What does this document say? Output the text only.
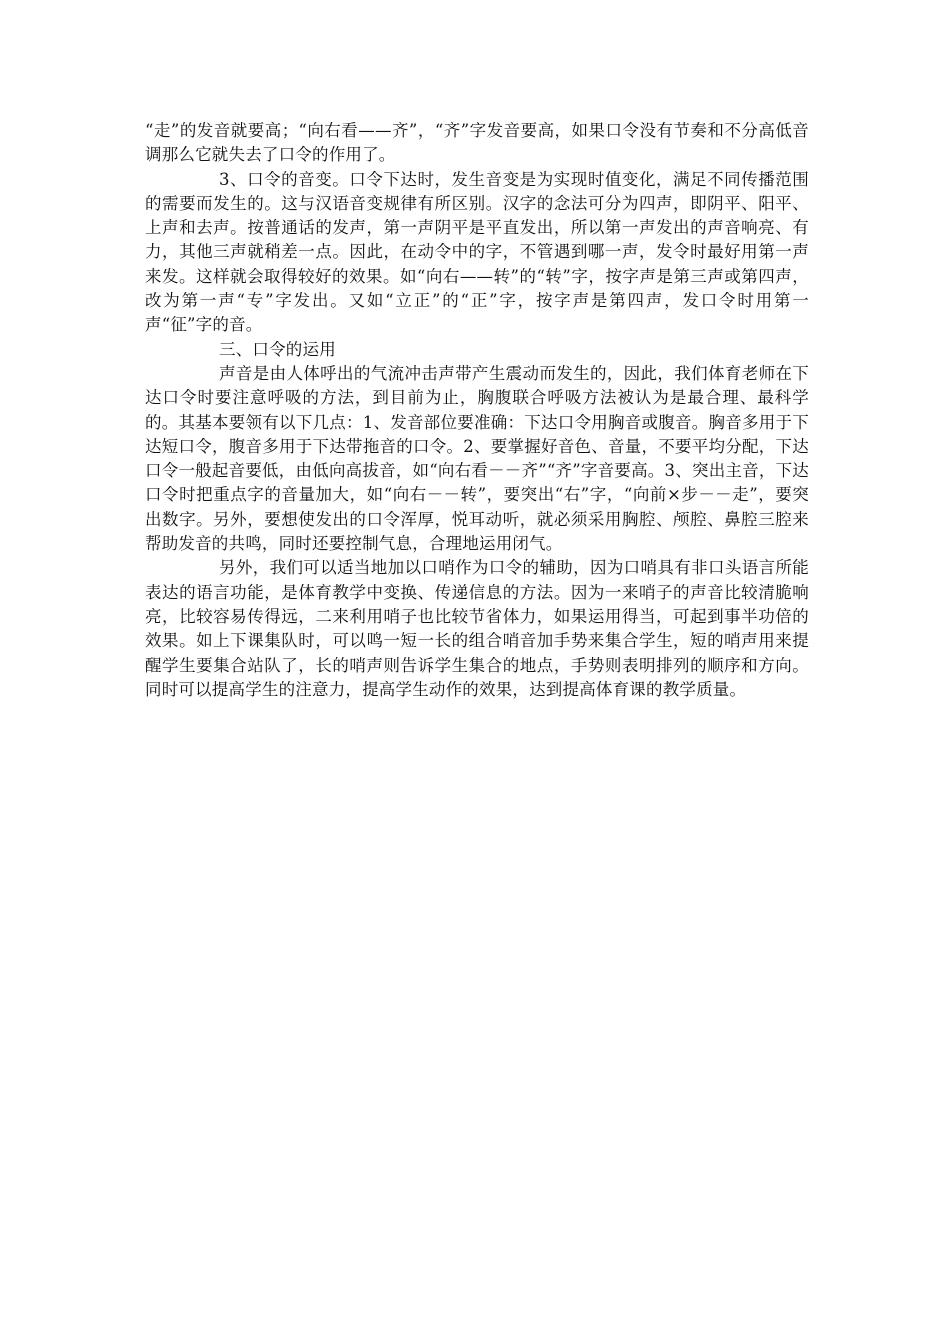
“走”的发音就要高；“向右看——齐”，“齐”字发音要高，如果口令没有节奏和不分高低音调那么它就失去了口令的作用了。

3、口令的音变。口令下达时，发生音变是为实现时值变化，满足不同传播范围的需要而发生的。这与汉语音变规律有所区别。汉字的念法可分为四声，即阴平、阳平、上声和去声。按普通话的发声，第一声阴平是平直发出，所以第一声发出的声音响亮、有力，其他三声就稍差一点。因此，在动令中的字，不管遇到哪一声，发令时最好用第一声来发。这样就会取得较好的效果。如“向右——转”的“转”字，按字声是第三声或第四声，改为第一声“专”字发出。又如“立正”的“正”字，按字声是第四声，发口令时用第一声“征”字的音。

三、口令的运用

声音是由人体呼出的气流冲击声带产生震动而发生的，因此，我们体育老师在下达口令时要注意呼吸的方法，到目前为止，胸腹联合呼吸方法被认为是最合理、最科学的。其基本要领有以下几点：1、发音部位要准确：下达口令用胸音或腹音。胸音多用于下达短口令，腹音多用于下达带拖音的口令。2、要掌握好音色、音量，不要平均分配，下达口令一般起音要低，由低向高拔音，如“向右看－－齐”“齐”字音要高。3、突出主音，下达口令时把重点字的音量加大，如“向右－－转”，要突出“右”字，“向前×步－－走”，要突出数字。另外，要想使发出的口令浑厚，悦耳动听，就必须采用胸腔、颅腔、鼻腔三腔来帮助发音的共鸣，同时还要控制气息，合理地运用闭气。

另外，我们可以适当地加以口哨作为口令的辅助，因为口哨具有非口头语言所能表达的语言功能，是体育教学中变换、传递信息的方法。因为一来哨子的声音比较清脆响亮，比较容易传得远，二来利用哨子也比较节省体力，如果运用得当，可起到事半功倍的效果。如上下课集队时，可以鸣一短一长的组合哨音加手势来集合学生，短的哨声用来提醒学生要集合站队了，长的哨声则告诉学生集合的地点，手势则表明排列的顺序和方向。同时可以提高学生的注意力，提高学生动作的效果，达到提高体育课的教学质量。
